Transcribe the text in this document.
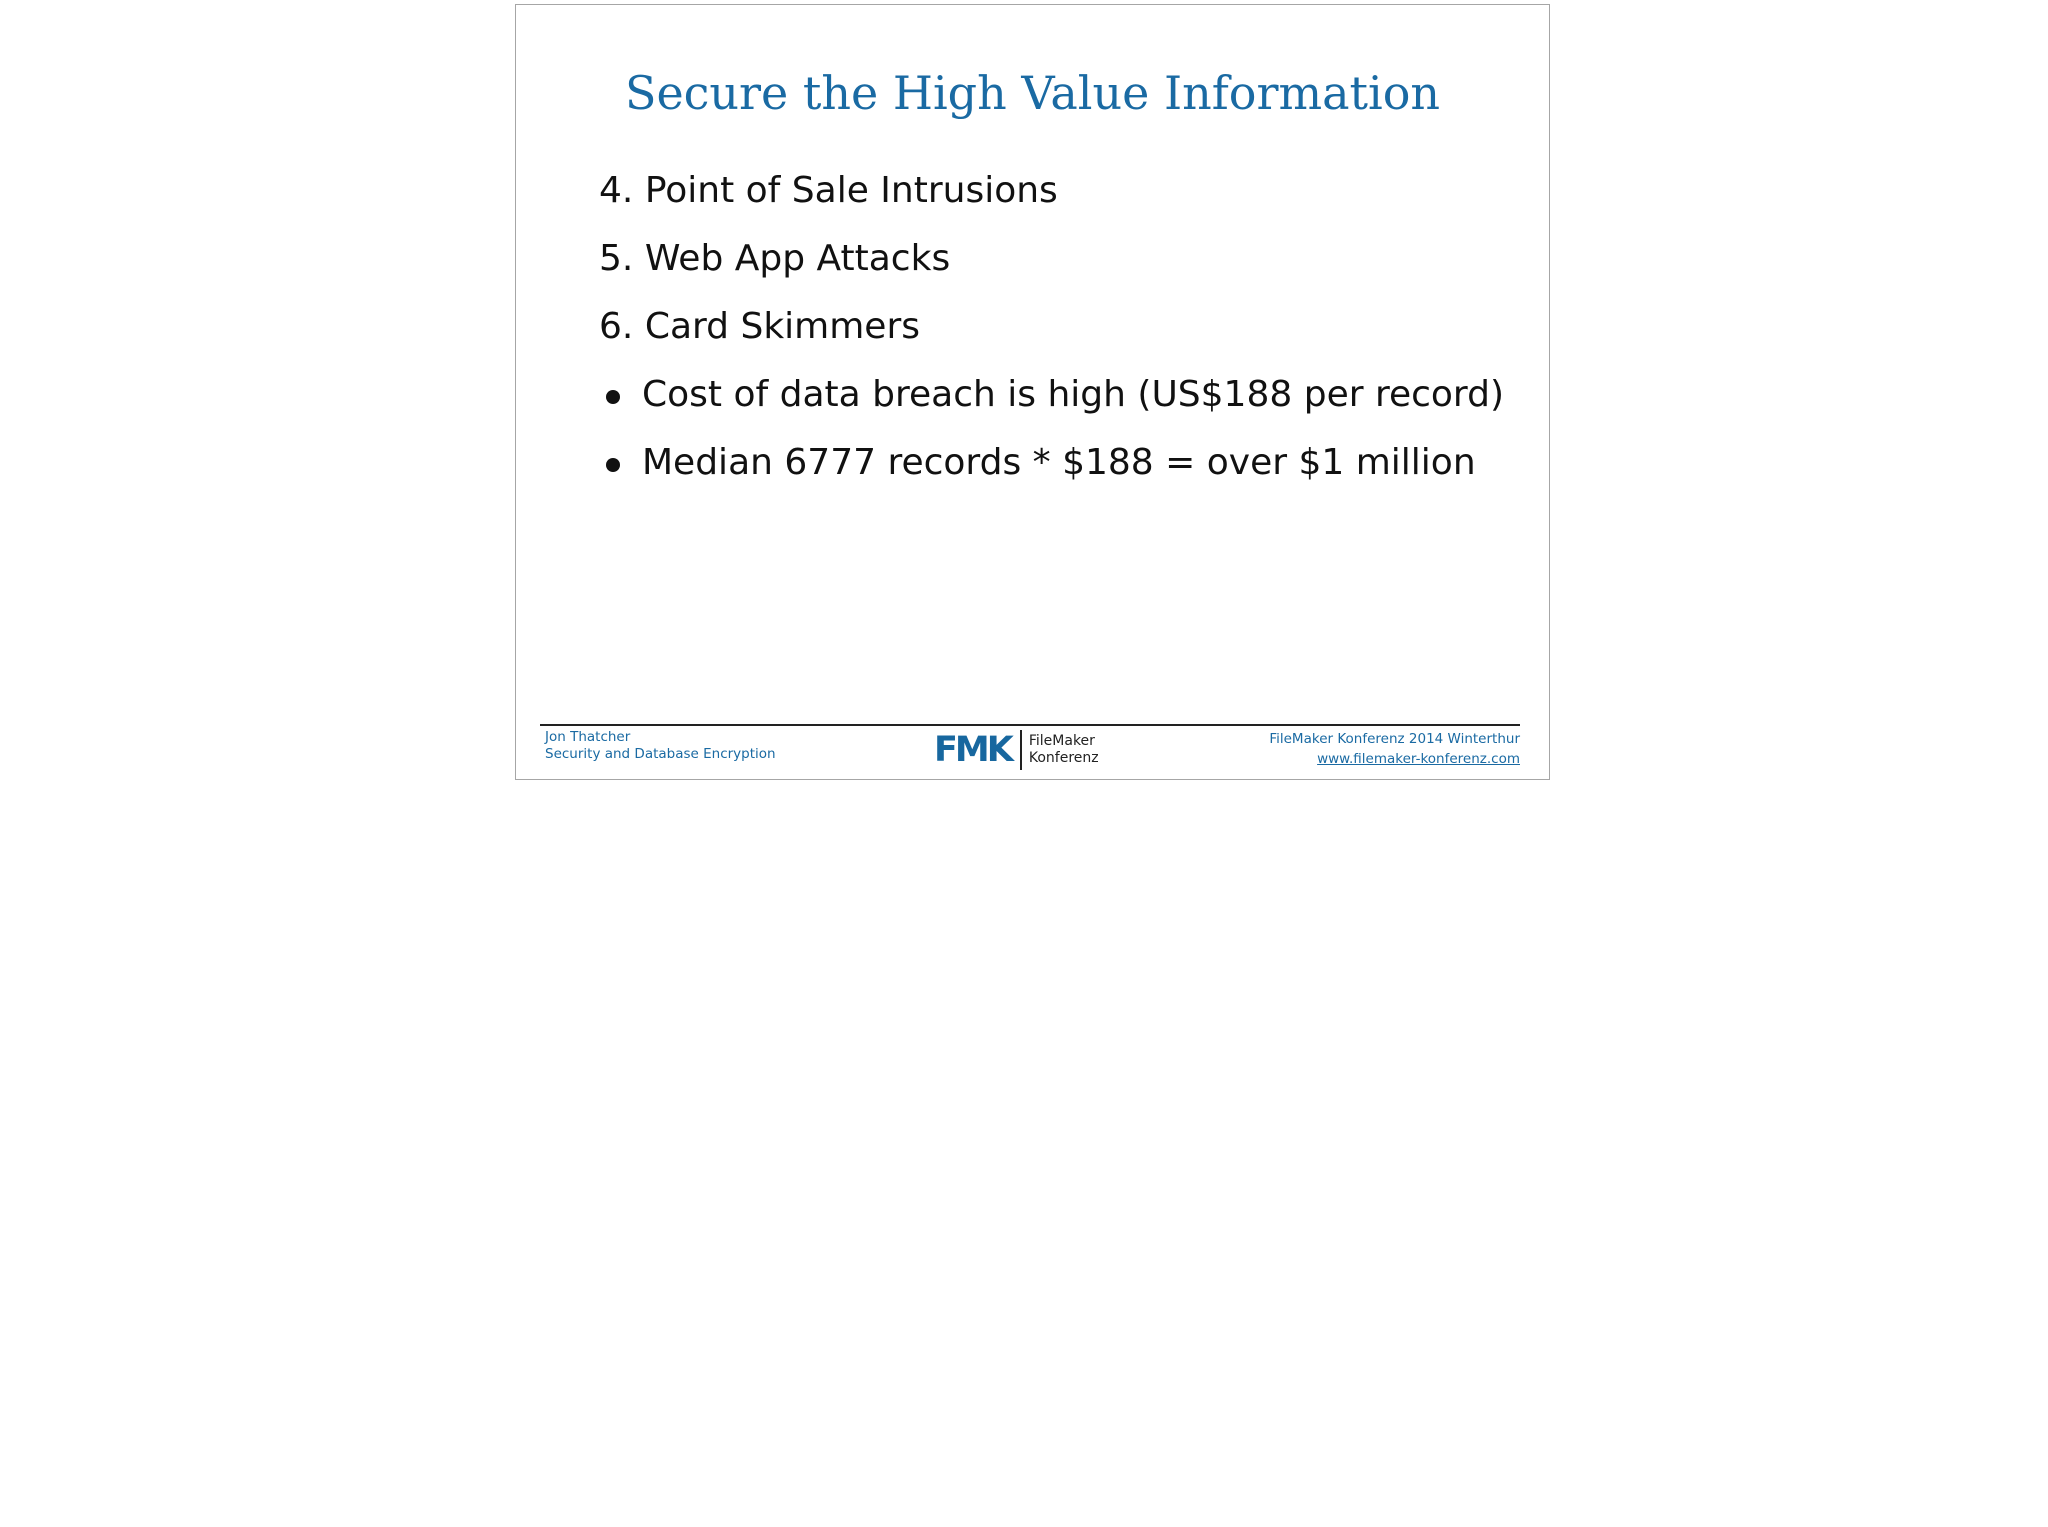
Secure the High Value Information
4. Point of Sale Intrusions
5. Web App Attacks
6. Card Skimmers
Cost of data breach is high (US$188 per record)
Median 6777 records * $188 = over $1 million
Jon Thatcher
Security and Database Encryption	FMK FileMaker
Konferenz
FileMaker Konferenz 2014 Winterthur
www.filemaker-konferenz.com
